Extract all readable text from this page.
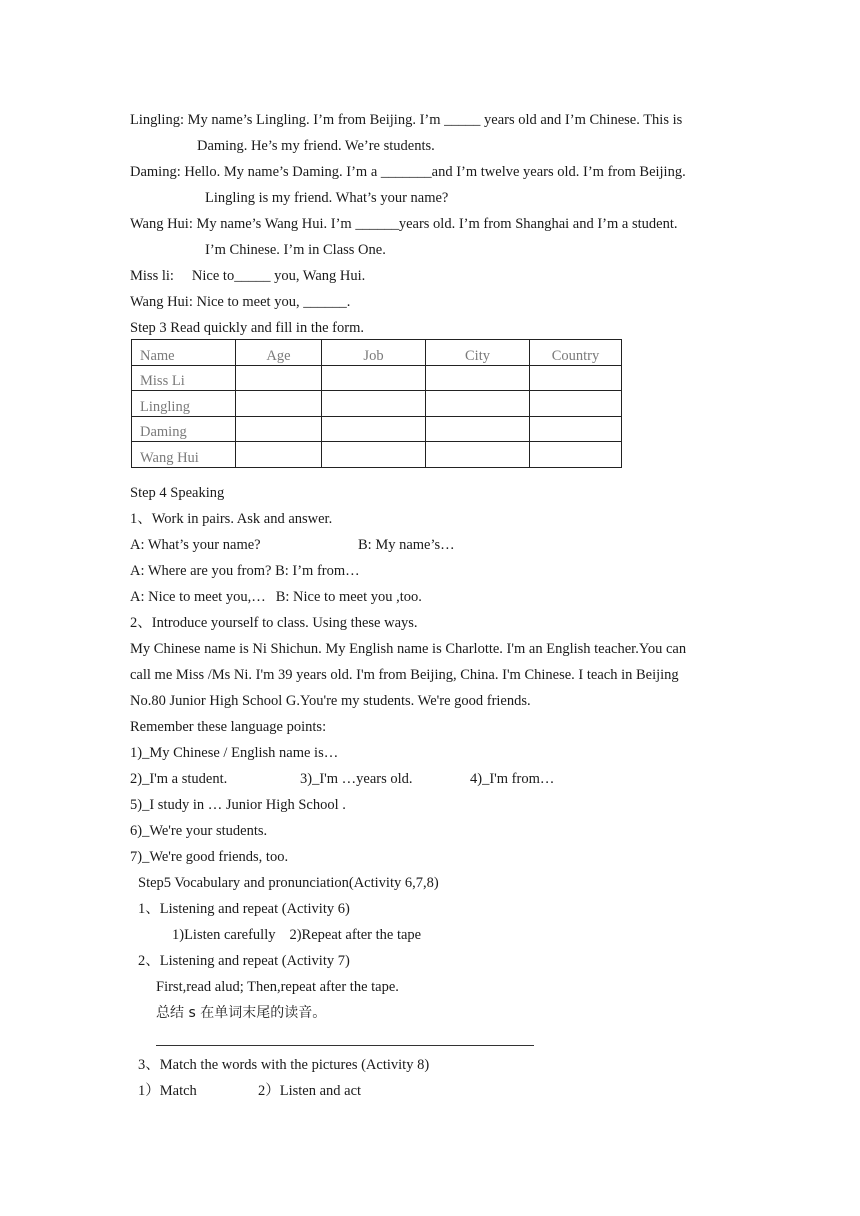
Lingling: My name’s Lingling. I’m from Beijing. I’m _____ years old and I’m Chinese. This is
Daming. He’s my friend. We’re students.
Daming: Hello. My name’s Daming. I’m a _______and I’m twelve years old. I’m from Beijing.
Lingling is my friend. What’s your name?
Wang Hui: My name’s Wang Hui. I’m ______years old. I’m from Shanghai and I’m a student.
I’m Chinese. I’m in Class One.
Miss li: Nice to_____ you, Wang Hui.
Wang Hui: Nice to meet you, ______.
Step 3 Read quickly and fill in the form.
Name	Age	Job	City	Country
Miss Li				
Lingling				
Daming				
Wang Hui				
Step 4 Speaking
1、Work in pairs. Ask and answer.
A: What’s your name?	B: My name’s…
A: Where are you from? B: I’m from…
A: Nice to meet you,… B: Nice to meet you ,too.
2、Introduce yourself to class. Using these ways.
My Chinese name is Ni Shichun. My English name is Charlotte. I'm an English teacher.You can
call me Miss /Ms Ni. I'm 39 years old. I'm from Beijing, China. I'm Chinese. I teach in Beijing
No.80 Junior High School G.You're my students. We're good friends.
Remember these language points:
1)_My Chinese / English name is…
2)_I'm a student.	3)_I'm …years old.	4)_I'm from…
5)_I study in … Junior High School .
6)_We're your students.
7)_We're good friends, too.
Step5 Vocabulary and pronunciation(Activity 6,7,8)
1、Listening and repeat (Activity 6)
1)Listen carefully 2)Repeat after the tape
2、Listening and repeat (Activity 7)
First,read alud; Then,repeat after the tape.
总结 s 在单词末尾的读音。
3、Match the words with the pictures (Activity 8)
1）Match	2）Listen and act
